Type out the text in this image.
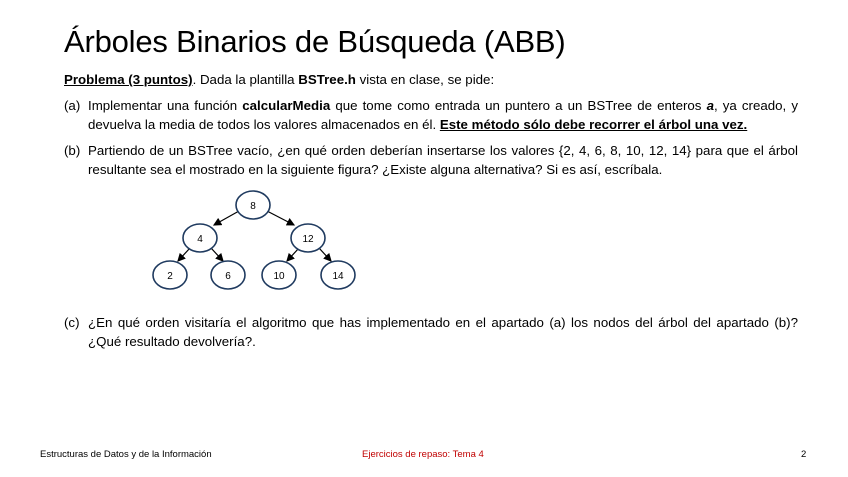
Árboles Binarios de Búsqueda (ABB)
Problema (3 puntos). Dada la plantilla BSTree.h vista en clase, se pide:
(a) Implementar una función calcularMedia que tome como entrada un puntero a un BSTree de enteros a, ya creado, y devuelva la media de todos los valores almacenados en él. Este método sólo debe recorrer el árbol una vez.
(b) Partiendo de un BSTree vacío, ¿en qué orden deberían insertarse los valores {2, 4, 6, 8, 10, 12, 14} para que el árbol resultante sea el mostrado en la siguiente figura? ¿Existe alguna alternativa? Si es así, escríbala.
8
4	12
2	6	10	14
(c) ¿En qué orden visitaría el algoritmo que has implementado en el apartado (a) los nodos del árbol del apartado (b)? ¿Qué resultado devolvería?.
Estructuras de Datos y de la Información	Ejercicios de repaso: Tema 4	2
